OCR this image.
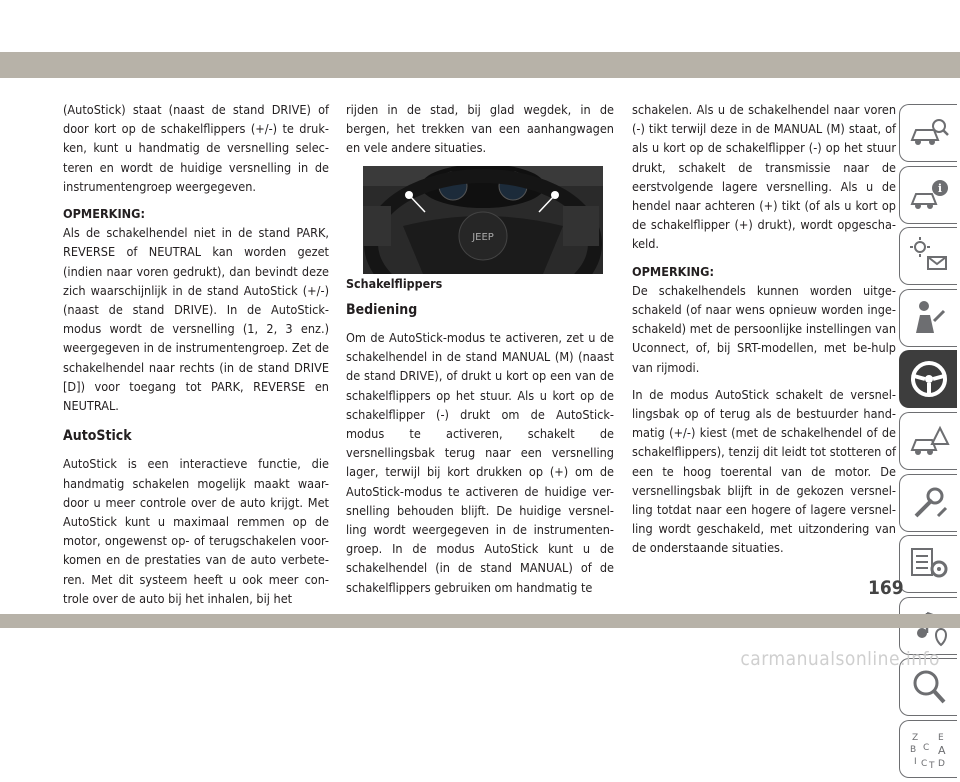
(AutoStick) staat (naast de stand DRIVE) of door kort op de schakelflippers (+/-) te druk-ken, kunt u handmatig de versnelling selec-teren en wordt de huidige versnelling in de instrumentengroep weergegeven.

OPMERKING:

Als de schakelhendel niet in de stand PARK, REVERSE of NEUTRAL kan worden gezet (indien naar voren gedrukt), dan bevindt deze zich waarschijnlijk in de stand AutoStick (+/-) (naast de stand DRIVE). In de AutoStick-modus wordt de versnelling (1, 2, 3 enz.) weergegeven in de instrumentengroep. Zet de schakelhendel naar rechts (in de stand DRIVE [D]) voor toegang tot PARK, REVERSE en NEUTRAL.

AutoStick

AutoStick is een interactieve functie, die handmatig schakelen mogelijk maakt waar-door u meer controle over de auto krijgt. Met AutoStick kunt u maximaal remmen op de motor, ongewenst op- of terugschakelen voor-komen en de prestaties van de auto verbete-ren. Met dit systeem heeft u ook meer con-trole over de auto bij het inhalen, bij het

rijden in de stad, bij glad wegdek, in de bergen, het trekken van een aanhangwagen en vele andere situaties.

JEEP

Schakelflippers

Bediening

Om de AutoStick-modus te activeren, zet u de schakelhendel in de stand MANUAL (M) (naast de stand DRIVE), of drukt u kort op een van de schakelflippers op het stuur. Als u kort op de schakelflipper (-) drukt om de AutoStick-modus te activeren, schakelt de versnellingsbak terug naar een versnelling lager, terwijl bij kort drukken op (+) om de AutoStick-modus te activeren de huidige ver-snelling behouden blijft. De huidige versnel-ling wordt weergegeven in de instrumenten-groep. In de modus AutoStick kunt u de schakelhendel (in de stand MANUAL) of de schakelflippers gebruiken om handmatig te

schakelen. Als u de schakelhendel naar voren (-) tikt terwijl deze in de MANUAL (M) staat, of als u kort op de schakelflipper (-) op het stuur drukt, schakelt de transmissie naar de eerstvolgende lagere versnelling. Als u de hendel naar achteren (+) tikt (of als u kort op de schakelflipper (+) drukt), wordt opgescha-keld.

OPMERKING:

De schakelhendels kunnen worden uitge-schakeld (of naar wens opnieuw worden inge-schakeld) met de persoonlijke instellingen van Uconnect, of, bij SRT-modellen, met be-hulp van rijmodi.

In de modus AutoStick schakelt de versnel-lingsbak op of terug als de bestuurder hand-matig (+/-) kiest (met de schakelhendel of de schakelflippers), tenzij dit leidt tot stotteren of een te hoog toerental van de motor. De versnellingsbak blijft in de gekozen versnel-ling totdat naar een hogere of lagere versnel-ling wordt geschakeld, met uitzondering van de onderstaande situaties.

i
Z E
B C A
D
I C T
169
carmanualsonline.info
